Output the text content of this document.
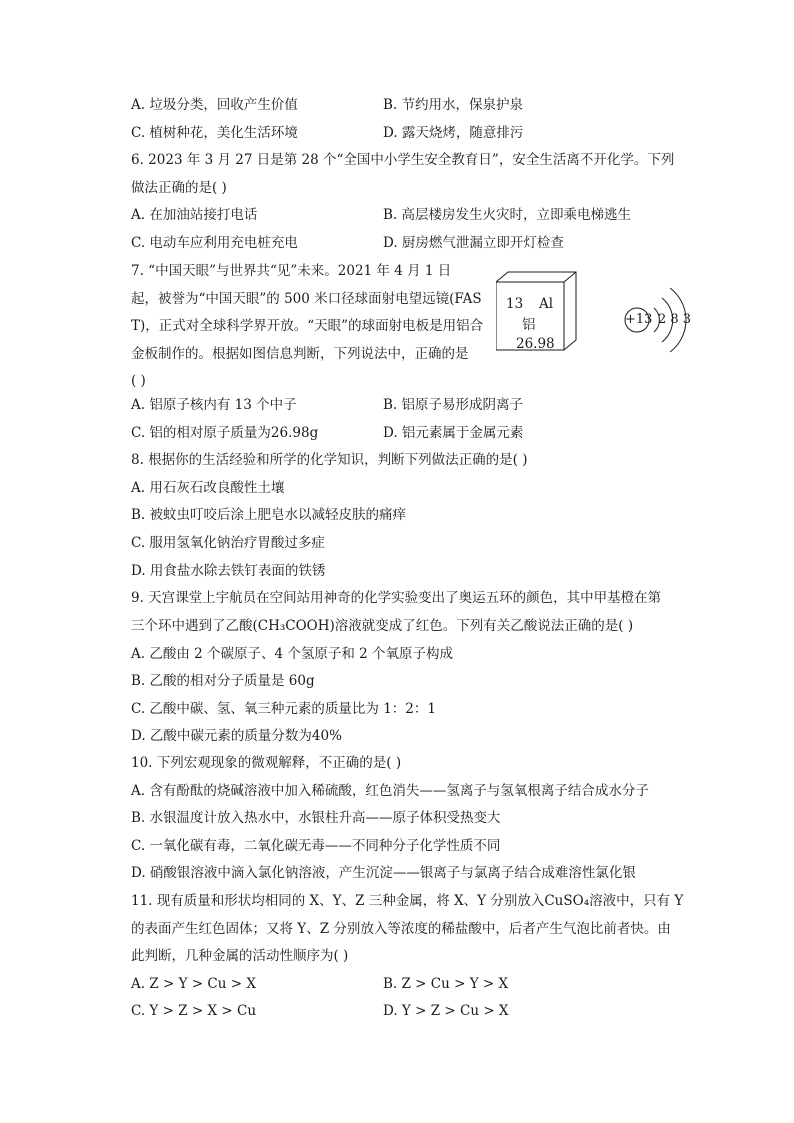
A. 垃圾分类，回收产生价值	B. 节约用水，保泉护泉
C. 植树种花，美化生活环境	D. 露天烧烤，随意排污
6. 2023 年 3 月 27 日是第 28 个“全国中小学生安全教育日”，安全生活离不开化学。下列
做法正确的是( )
A. 在加油站接打电话	B. 高层楼房发生火灾时，立即乘电梯逃生
C. 电动车应利用充电桩充电	D. 厨房燃气泄漏立即开灯检查
7. “中国天眼”与世界共“见”未来。2021 年 4 月 1 日
起，被誉为“中国天眼”的 500 米口径球面射电望远镜(FAS
T)，正式对全球科学界开放。“天眼”的球面射电板是用铝合
金板制作的。根据如图信息判断，下列说法中，正确的是
( )
13 Al
铝
26.98
+13 2 8 3
A. 铝原子核内有 13 个中子	B. 铝原子易形成阴离子
C. 铝的相对原子质量为26.98g	D. 铝元素属于金属元素
8. 根据你的生活经验和所学的化学知识，判断下列做法正确的是( )
A. 用石灰石改良酸性土壤
B. 被蚊虫叮咬后涂上肥皂水以减轻皮肤的痛痒
C. 服用氢氧化钠治疗胃酸过多症
D. 用食盐水除去铁钉表面的铁锈
9. 天宫课堂上宇航员在空间站用神奇的化学实验变出了奥运五环的颜色，其中甲基橙在第
三个环中遇到了乙酸(CH₃COOH)溶液就变成了红色。下列有关乙酸说法正确的是( )
A. 乙酸由 2 个碳原子、4 个氢原子和 2 个氧原子构成
B. 乙酸的相对分子质量是 60g
C. 乙酸中碳、氢、氧三种元素的质量比为 1：2：1
D. 乙酸中碳元素的质量分数为40%
10. 下列宏观现象的微观解释，不正确的是( )
A. 含有酚酞的烧碱溶液中加入稀硫酸，红色消失——氢离子与氢氧根离子结合成水分子
B. 水银温度计放入热水中，水银柱升高——原子体积受热变大
C. 一氧化碳有毒，二氧化碳无毒——不同种分子化学性质不同
D. 硝酸银溶液中滴入氯化钠溶液，产生沉淀——银离子与氯离子结合成难溶性氯化银
11. 现有质量和形状均相同的 X、Y、Z 三种金属，将 X、Y 分别放入CuSO₄溶液中，只有 Y
的表面产生红色固体；又将 Y、Z 分别放入等浓度的稀盐酸中，后者产生气泡比前者快。由
此判断，几种金属的活动性顺序为( )
A. Z > Y > Cu > X	B. Z > Cu > Y > X
C. Y > Z > X > Cu	D. Y > Z > Cu > X
